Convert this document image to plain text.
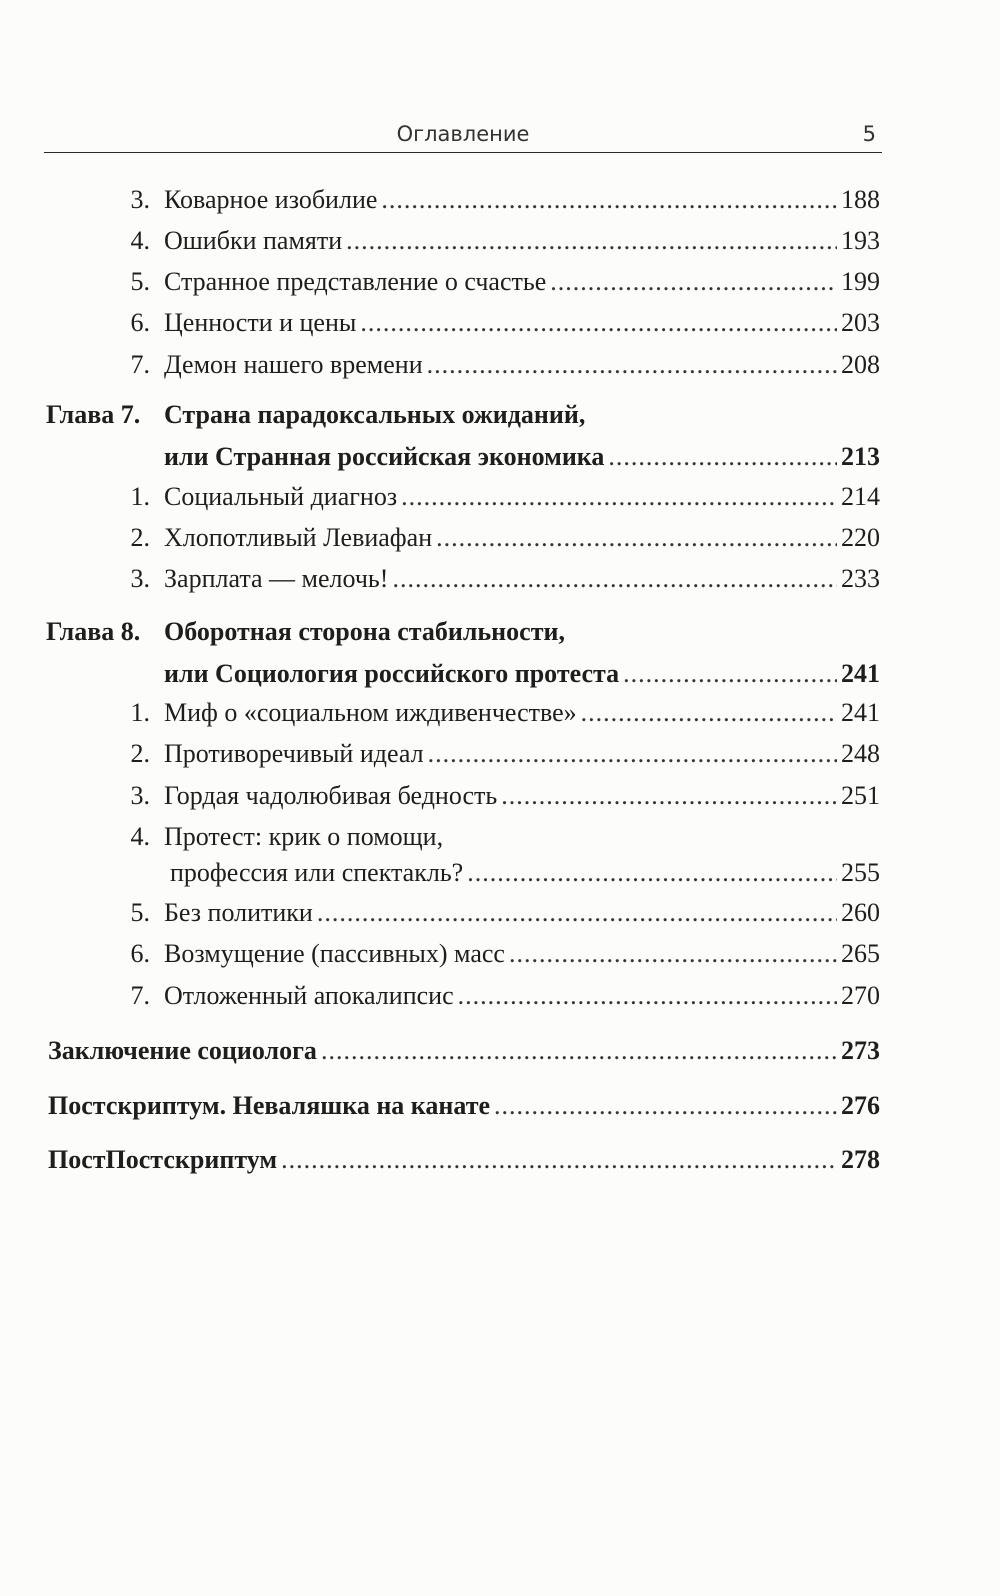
Оглавление	5
3. Коварное изобилие .....	188
4. Ошибки памяти .....	193
5. Странное представление о счастье .....	199
6. Ценности и цены .....	203
7. Демон нашего времени .....	208
Глава 7. Страна парадоксальных ожиданий,
или Странная российская экономика .....	213
1. Социальный диагноз .....	214
2. Хлопотливый Левиафан .....	220
3. Зарплата — мелочь! .....	233
Глава 8. Оборотная сторона стабильности,
или Социология российского протеста .....	241
1. Миф о «социальном иждивенчестве» .....	241
2. Противоречивый идеал .....	248
3. Гордая чадолюбивая бедность .....	251
4. Протест: крик о помощи,
профессия или спектакль? .....	255
5. Без политики .....	260
6. Возмущение (пассивных) масс .....	265
7. Отложенный апокалипсис .....	270
Заключение социолога .....	273
Постскриптум. Неваляшка на канате .....	276
ПостПостскриптум .....	278
